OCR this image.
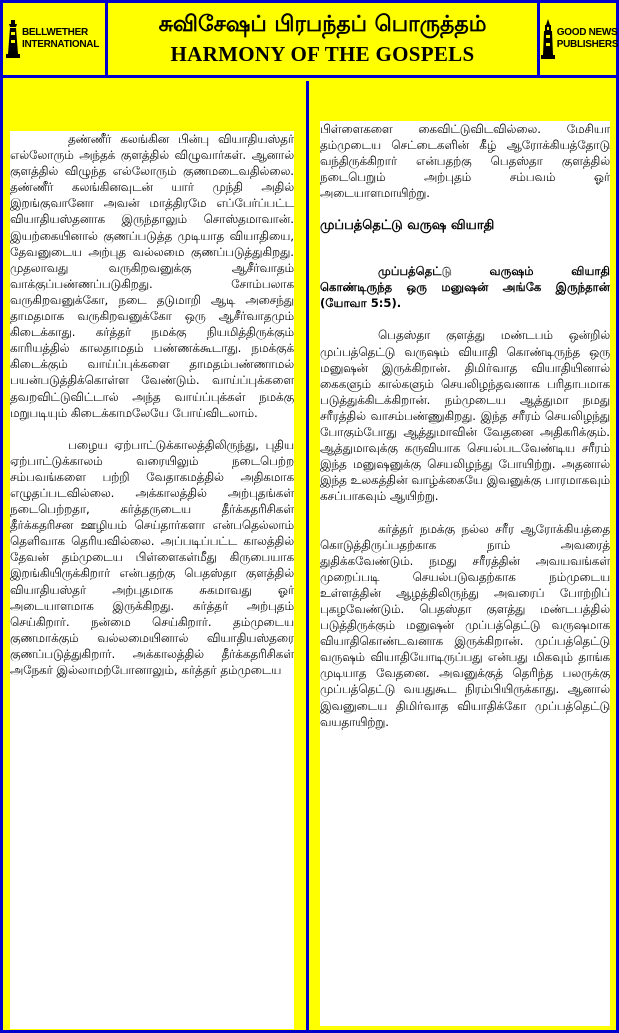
BELLWETHER
INTERNATIONAL
சுவிசேஷப் பிரபந்தப் பொருத்தம்
HARMONY OF THE GOSPELS
GOOD NEWS
PUBLISHERS

தண்ணீர் கலங்கின பின்பு வியாதியஸ்தர் எல்லோரும் அந்தக் குளத்தில் விழுவார்கள். ஆனால் குளத்தில் விழுந்த எல்லோரும் குணமடைவதில்லை. தண்ணீர் கலங்கினவுடன் யார் முந்தி அதில் இறங்குவானோ அவன் மாத்திரமே எப்பேர்ப்பட்ட வியாதியஸ்தனாக இருந்தாலும் சொஸ்தமாவான். இயற்கையினால் குணப்படுத்த முடியாத வியாதியை, தேவனுடைய அற்புத வல்லமை குணப்படுத்துகிறது. முதலாவது வருகிறவனுக்கு ஆசீர்வாதம் வாக்குப்பண்ணப்படுகிறது. சோம்பலாக வருகிறவனுக்கோ, நடை தடுமாறி ஆடி அசைந்து தாமதமாக வருகிறவனுக்கோ ஒரு ஆசீர்வாதமும் கிடைக்காது. கர்த்தர் நமக்கு நியமித்திருக்கும் காரியத்தில் காலதாமதம் பண்ணக்கூடாது. நமக்குக் கிடைக்கும் வாய்ப்புக்களை தாமதம்பண்ணாமல் பயன்படுத்திக்கொள்ள வேண்டும். வாய்ப்புக்களை தவறவிட்டுவிட்டால் அந்த வாய்ப்புக்கள் நமக்கு மறுபடியும் கிடைக்காமலேயே போய்விடலாம்.

பழைய ஏற்பாட்டுக்காலத்திலிருந்து, புதிய ஏற்பாட்டுக்காலம் வரையிலும் நடைபெற்ற சம்பவங்களை பற்றி வேதாகமத்தில் அதிகமாக எழுதப்படவில்லை. அக்காலத்தில் அற்புதங்கள் நடைபெற்றதா, கர்த்தருடைய தீர்க்கதரிசிகள் தீர்க்கதரிசன ஊழியம் செய்தார்களா என்பதெல்லாம் தெளிவாக தெரியவில்லை. அப்படிப்பட்ட காலத்தில் தேவன் தம்முடைய பிள்ளைகள்மீது கிருபையாக இறங்கியிருக்கிறார் என்பதற்கு பெதஸ்தா குளத்தில் வியாதியஸ்தர் அற்புதமாக சுகமாவது ஓர் அடையாளமாக இருக்கிறது. கர்த்தர் அற்புதம் செய்கிறார். நன்மை செய்கிறார். தம்முடைய குணமாக்கும் வல்லமையினால் வியாதியஸ்தரை குணப்படுத்துகிறார். அக்காலத்தில் தீர்க்கதரிசிகள் அநேகர் இல்லாமற்போனாலும், கர்த்தர் தம்முடைய

பிள்ளைகளை கைவிட்டுவிடவில்லை. மேசியா தம்முடைய செட்டைகளின் கீழ் ஆரோக்கியத்தோடு வந்திருக்கிறார் என்பதற்கு பெதஸ்தா குளத்தில் நடைபெறும் அற்புதம் சம்பவம் ஓர் அடையாளமாயிற்று.

முப்பத்தெட்டு வருஷ வியாதி

முப்பத்தெட்டு வருஷம் வியாதி கொண்டிருந்த ஒரு மனுஷன் அங்கே இருந்தான் (யோவா 5:5).

பெதஸ்தா குளத்து மண்டபம் ஒன்றில் முப்பத்தெட்டு வருஷம் வியாதி கொண்டிருந்த ஒரு மனுஷன் இருக்கிறான். திமிர்வாத வியாதியினால் கைகளும் கால்களும் செயலிழந்தவனாக பரிதாபமாக படுத்துக்கிடக்கிறான். நம்முடைய ஆத்துமா நமது சரீரத்தில் வாசம்பண்ணுகிறது. இந்த சரீரம் செயலிழந்து போகும்போது ஆத்துமாவின் வேதனை அதிகரிக்கும். ஆத்துமாவுக்கு கருவியாக செயல்படவேண்டிய சரீரம் இந்த மனுஷனுக்கு செயலிழந்து போயிற்று. அதனால் இந்த உலகத்தின் வாழ்க்கையே இவனுக்கு பாரமாகவும் கசப்பாகவும் ஆயிற்று.

கர்த்தர் நமக்கு நல்ல சரீர ஆரோக்கியத்தை கொடுத்திருப்பதற்காக நாம் அவரைத் துதிக்கவேண்டும். நமது சரீரத்தின் அவயவங்கள் முறைப்படி செயல்படுவதற்காக நம்முடைய உள்ளத்தின் ஆழத்திலிருந்து அவரைப் போற்றிப் புகழவேண்டும். பெதஸ்தா குளத்து மண்டபத்தில் படுத்திருக்கும் மனுஷன் முப்பத்தெட்டு வருஷமாக வியாதிகொண்டவனாக இருக்கிறான். முப்பத்தெட்டு வருஷம் வியாதியோடிருப்பது என்பது மிகவும் தாங்க முடியாத வேதனை. அவனுக்குத் தெரிந்த பலருக்கு முப்பத்தெட்டு வயதுகூட நிரம்பியிருக்காது. ஆனால் இவனுடைய திமிர்வாத வியாதிக்கோ முப்பத்தெட்டு வயதாயிற்று.
